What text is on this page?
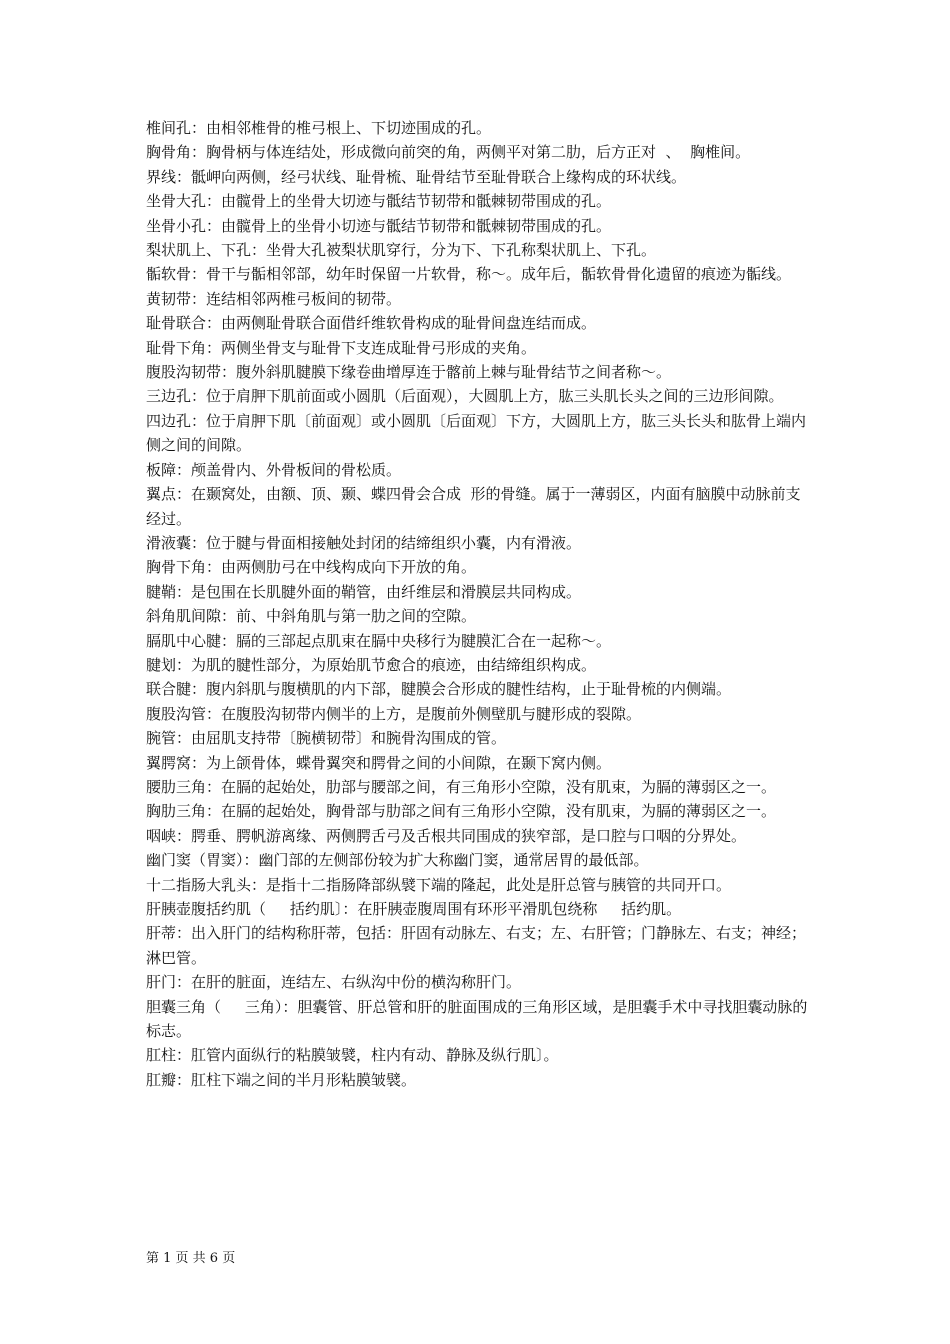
椎间孔：由相邻椎骨的椎弓根上、下切迹围成的孔。

胸骨角：胸骨柄与体连结处，形成微向前突的角，两侧平对第二肋，后方正对  、  胸椎间。

界线：骶岬向两侧，经弓状线、耻骨梳、耻骨结节至耻骨联合上缘构成的环状线。

坐骨大孔：由髋骨上的坐骨大切迹与骶结节韧带和骶棘韧带围成的孔。

坐骨小孔：由髋骨上的坐骨小切迹与骶结节韧带和骶棘韧带围成的孔。

梨状肌上、下孔：坐骨大孔被梨状肌穿行，分为下、下孔称梨状肌上、下孔。

骺软骨：骨干与骺相邻部，幼年时保留一片软骨，称～。成年后，骺软骨骨化遗留的痕迹为骺线。

黄韧带：连结相邻两椎弓板间的韧带。

耻骨联合：由两侧耻骨联合面借纤维软骨构成的耻骨间盘连结而成。

耻骨下角：两侧坐骨支与耻骨下支连成耻骨弓形成的夹角。

腹股沟韧带：腹外斜肌腱膜下缘卷曲增厚连于髂前上棘与耻骨结节之间者称～。

三边孔：位于肩胛下肌前面或小圆肌（后面观），大圆肌上方，肱三头肌长头之间的三边形间隙。

四边孔：位于肩胛下肌〔前面观〕或小圆肌〔后面观〕下方，大圆肌上方，肱三头长头和肱骨上端内侧之间的间隙。

板障：颅盖骨内、外骨板间的骨松质。

翼点：在颞窝处，由额、顶、颞、蝶四骨会合成  形的骨缝。属于一薄弱区，内面有脑膜中动脉前支经过。

滑液囊：位于腱与骨面相接触处封闭的结缔组织小囊，内有滑液。

胸骨下角：由两侧肋弓在中线构成向下开放的角。

腱鞘：是包围在长肌腱外面的鞘管，由纤维层和滑膜层共同构成。

斜角肌间隙：前、中斜角肌与第一肋之间的空隙。

膈肌中心腱：膈的三部起点肌束在膈中央移行为腱膜汇合在一起称～。

腱划：为肌的腱性部分，为原始肌节愈合的痕迹，由结缔组织构成。

联合腱：腹内斜肌与腹横肌的内下部，腱膜会合形成的腱性结构，止于耻骨梳的内侧端。

腹股沟管：在腹股沟韧带内侧半的上方，是腹前外侧壁肌与腱形成的裂隙。

腕管：由屈肌支持带〔腕横韧带〕和腕骨沟围成的管。

翼腭窝：为上颌骨体，蝶骨翼突和腭骨之间的小间隙，在颞下窝内侧。

腰肋三角：在膈的起始处，肋部与腰部之间，有三角形小空隙，没有肌束，为膈的薄弱区之一。

胸肋三角：在膈的起始处，胸骨部与肋部之间有三角形小空隙，没有肌束，为膈的薄弱区之一。

咽峡：腭垂、腭帆游离缘、两侧腭舌弓及舌根共同围成的狭窄部，是口腔与口咽的分界处。

幽门窦（胃窦）：幽门部的左侧部份较为扩大称幽门窦，通常居胃的最低部。

十二指肠大乳头：是指十二指肠降部纵襞下端的隆起，此处是肝总管与胰管的共同开口。

肝胰壶腹括约肌（     括约肌〕：在肝胰壶腹周围有环形平滑肌包绕称     括约肌。

肝蒂：出入肝门的结构称肝蒂，包括：肝固有动脉左、右支；左、右肝管；门静脉左、右支；神经；淋巴管。

肝门：在肝的脏面，连结左、右纵沟中份的横沟称肝门。

胆囊三角（     三角）：胆囊管、肝总管和肝的脏面围成的三角形区域，是胆囊手术中寻找胆囊动脉的标志。

肛柱：肛管内面纵行的粘膜皱襞，柱内有动、静脉及纵行肌〕。

肛瓣：肛柱下端之间的半月形粘膜皱襞。

第 1 页 共 6 页
